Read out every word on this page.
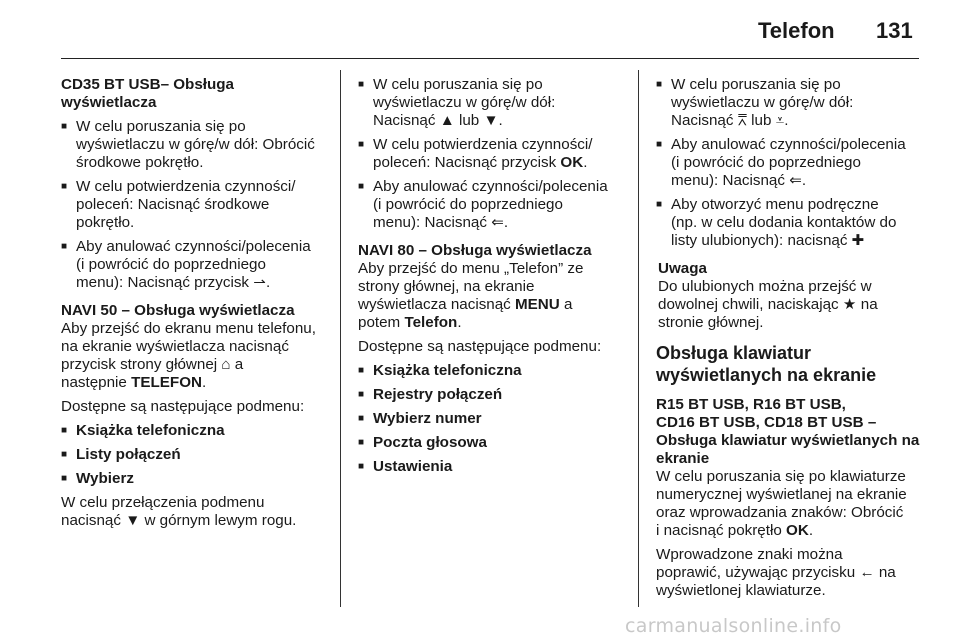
Telefon 131

CD35 BT USB– Obsługa
wyświetlacza

■ W celu poruszania się po
wyświetlaczu w górę/w dół: Obrócić
środkowe pokrętło.

■ W celu potwierdzenia czynności/
poleceń: Nacisnąć środkowe
pokrętło.

■ Aby anulować czynności/polecenia
(i powrócić do poprzedniego
menu): Nacisnąć przycisk ⇀.

NAVI 50 – Obsługa wyświetlacza

Aby przejść do ekranu menu telefonu,
na ekranie wyświetlacza nacisnąć
przycisk strony głównej ⌂ a
następnie TELEFON.

Dostępne są następujące podmenu:

■ Książka telefoniczna

■ Listy połączeń

■ Wybierz

W celu przełączenia podmenu
nacisnąć ▼ w górnym lewym rogu.

■ W celu poruszania się po
wyświetlaczu w górę/w dół:
Nacisnąć ▲ lub ▼.

■ W celu potwierdzenia czynności/
poleceń: Nacisnąć przycisk OK.

■ Aby anulować czynności/polecenia
(i powrócić do poprzedniego
menu): Nacisnąć ⇐.

NAVI 80 – Obsługa wyświetlacza

Aby przejść do menu „Telefon” ze
strony głównej, na ekranie
wyświetlacza nacisnąć MENU a
potem Telefon.

Dostępne są następujące podmenu:

■ Książka telefoniczna

■ Rejestry połączeń

■ Wybierz numer

■ Poczta głosowa

■ Ustawienia

■ W celu poruszania się po
wyświetlaczu w górę/w dół:
Nacisnąć ⩞ lub ⩡.

■ Aby anulować czynności/polecenia
(i powrócić do poprzedniego
menu): Nacisnąć ⇐.

■ Aby otworzyć menu podręczne
(np. w celu dodania kontaktów do
listy ulubionych): nacisnąć ✚

Uwaga

Do ulubionych można przejść w
dowolnej chwili, naciskając ★ na
stronie głównej.

Obsługa klawiatur
wyświetlanych na ekranie

R15 BT USB, R16 BT USB,
CD16 BT USB, CD18 BT USB –
Obsługa klawiatur wyświetlanych na
ekranie

W celu poruszania się po klawiaturze
numerycznej wyświetlanej na ekranie
oraz wprowadzania znaków: Obrócić
i nacisnąć pokrętło OK.

Wprowadzone znaki można
poprawić, używając przycisku ← na
wyświetlonej klawiaturze.

carmanualsonline.info
